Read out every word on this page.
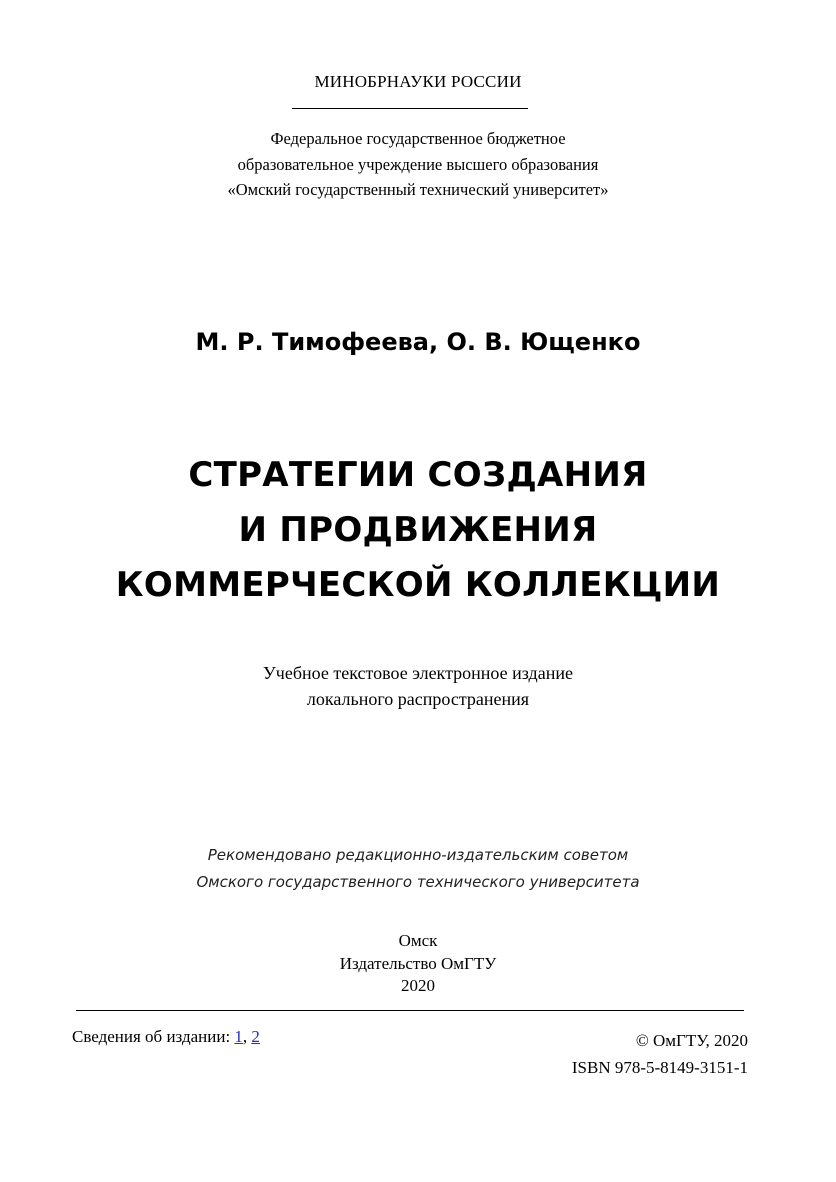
МИНОБРНАУКИ РОССИИ
Федеральное государственное бюджетное
образовательное учреждение высшего образования
«Омский государственный технический университет»
М. Р. Тимофеева, О. В. Ющенко
СТРАТЕГИИ СОЗДАНИЯ
И ПРОДВИЖЕНИЯ
КОММЕРЧЕСКОЙ КОЛЛЕКЦИИ
Учебное текстовое электронное издание
локального распространения
Рекомендовано редакционно-издательским советом
Омского государственного технического университета
Омск
Издательство ОмГТУ
2020
Сведения об издании: 1, 2	© ОмГТУ, 2020
ISBN 978-5-8149-3151-1
